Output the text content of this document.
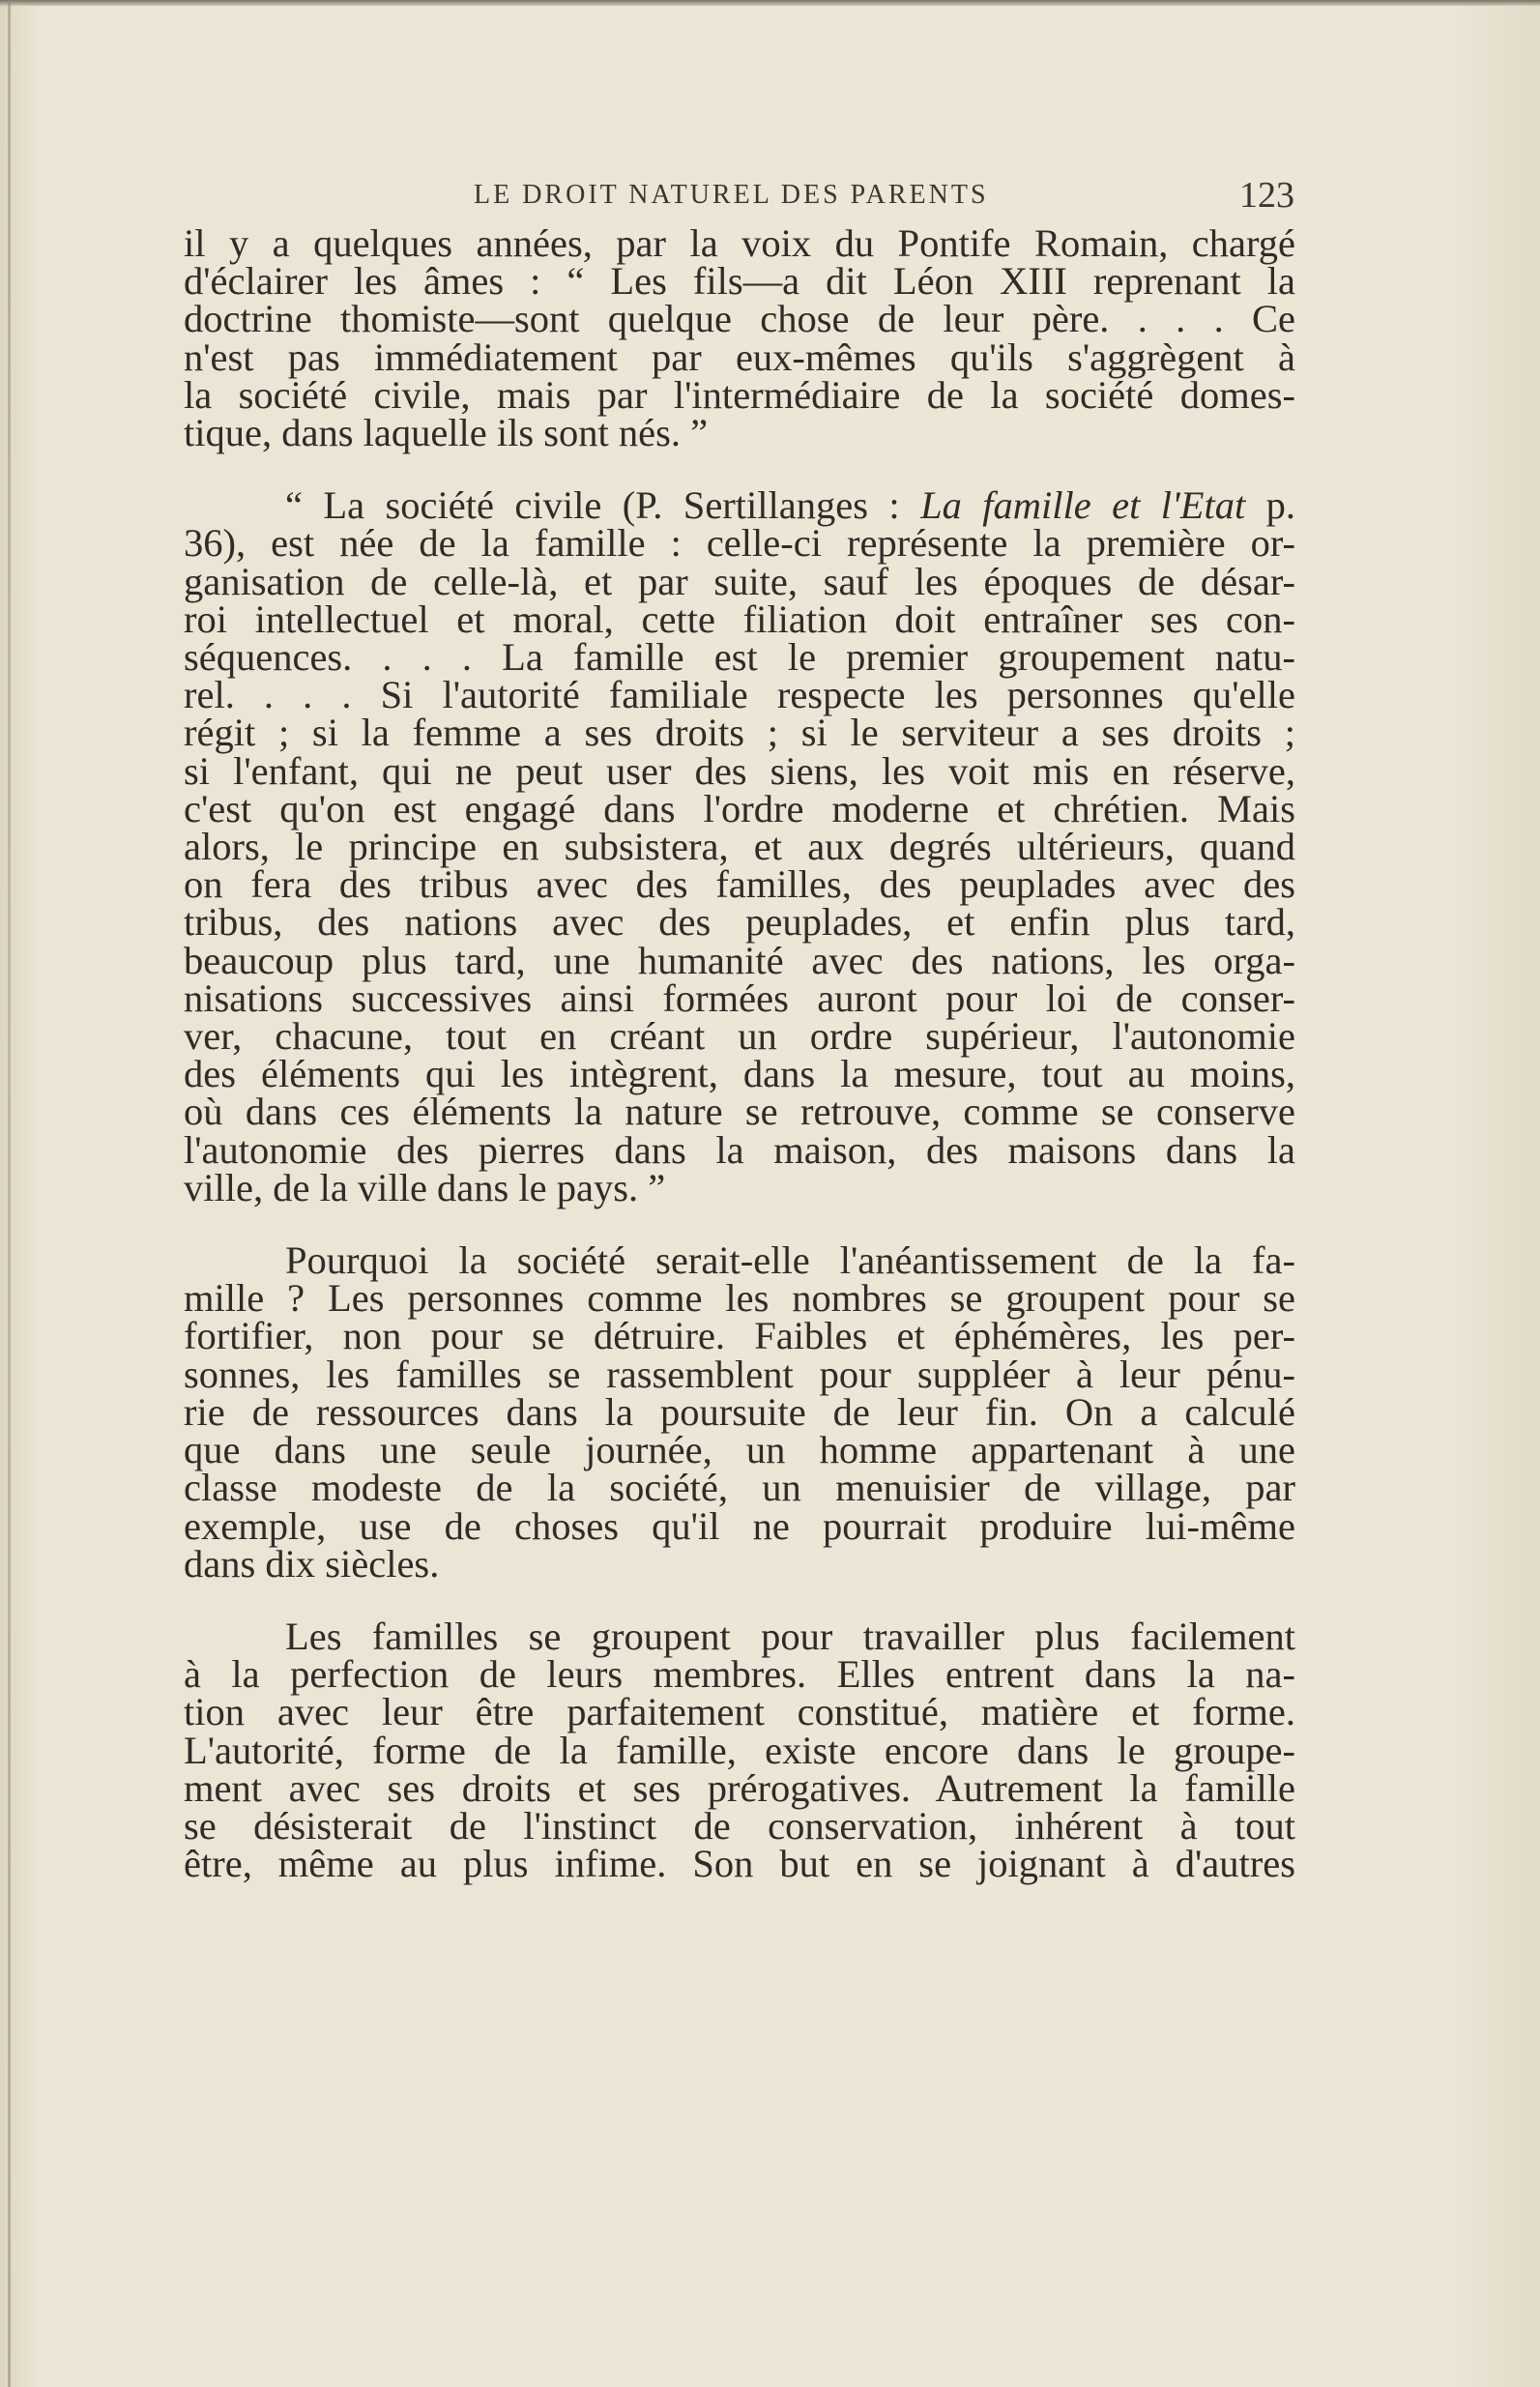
LE DROIT NATUREL DES PARENTS	123

il y a quelques années, par la voix du Pontife Romain, chargé

d'éclairer les âmes : “ Les fils—a dit Léon XIII reprenant la

doctrine thomiste—sont quelque chose de leur père. . . . Ce

n'est pas immédiatement par eux-mêmes qu'ils s'aggrègent à

la société civile, mais par l'intermédiaire de la société domes-

tique, dans laquelle ils sont nés. ”

“ La société civile (P. Sertillanges : La famille et l'Etat p.

36), est née de la famille : celle-ci représente la première or-

ganisation de celle-là, et par suite, sauf les époques de désar-

roi intellectuel et moral, cette filiation doit entraîner ses con-

séquences. . . . La famille est le premier groupement natu-

rel. . . . Si l'autorité familiale respecte les personnes qu'elle

régit ; si la femme a ses droits ; si le serviteur a ses droits ;

si l'enfant, qui ne peut user des siens, les voit mis en réserve,

c'est qu'on est engagé dans l'ordre moderne et chrétien. Mais

alors, le principe en subsistera, et aux degrés ultérieurs, quand

on fera des tribus avec des familles, des peuplades avec des

tribus, des nations avec des peuplades, et enfin plus tard,

beaucoup plus tard, une humanité avec des nations, les orga-

nisations successives ainsi formées auront pour loi de conser-

ver, chacune, tout en créant un ordre supérieur, l'autonomie

des éléments qui les intègrent, dans la mesure, tout au moins,

où dans ces éléments la nature se retrouve, comme se conserve

l'autonomie des pierres dans la maison, des maisons dans la

ville, de la ville dans le pays. ”

Pourquoi la société serait-elle l'anéantissement de la fa-

mille ? Les personnes comme les nombres se groupent pour se

fortifier, non pour se détruire. Faibles et éphémères, les per-

sonnes, les familles se rassemblent pour suppléer à leur pénu-

rie de ressources dans la poursuite de leur fin. On a calculé

que dans une seule journée, un homme appartenant à une

classe modeste de la société, un menuisier de village, par

exemple, use de choses qu'il ne pourrait produire lui-même

dans dix siècles.

Les familles se groupent pour travailler plus facilement

à la perfection de leurs membres. Elles entrent dans la na-

tion avec leur être parfaitement constitué, matière et forme.

L'autorité, forme de la famille, existe encore dans le groupe-

ment avec ses droits et ses prérogatives. Autrement la famille

se désisterait de l'instinct de conservation, inhérent à tout

être, même au plus infime. Son but en se joignant à d'autres
